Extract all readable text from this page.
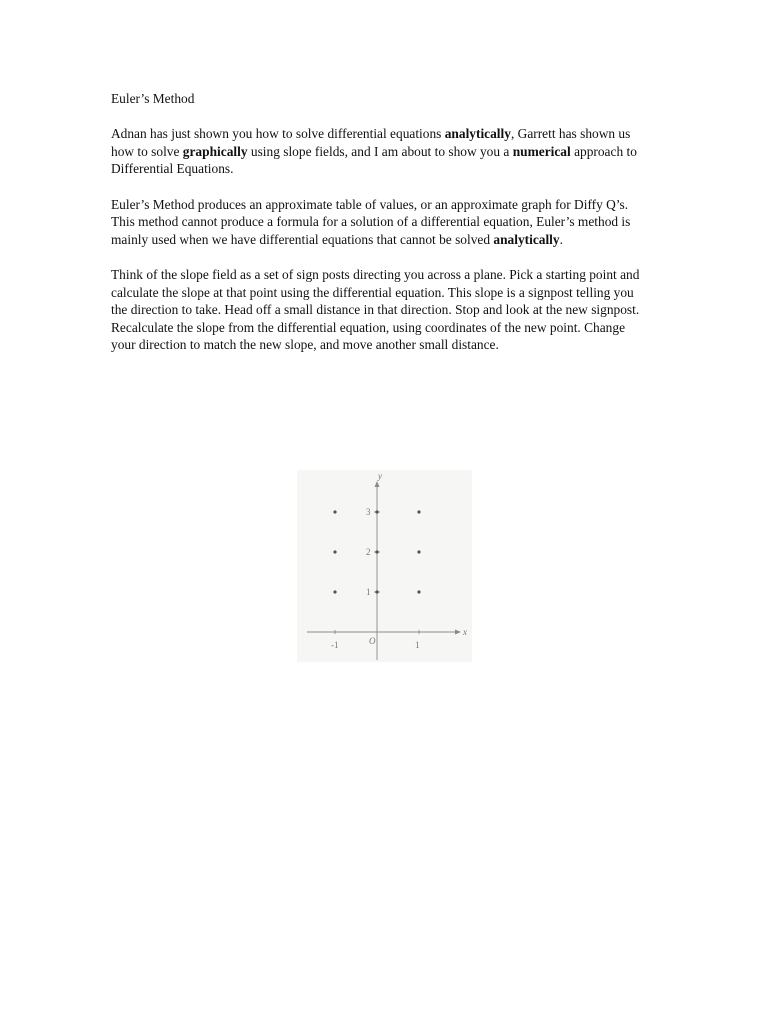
Euler’s Method

Adnan has just shown you how to solve differential equations analytically, Garrett has shown us how to solve graphically using slope fields, and I am about to show you a numerical approach to Differential Equations.

Euler’s Method produces an approximate table of values, or an approximate graph for Diffy Q’s. This method cannot produce a formula for a solution of a differential equation, Euler’s method is mainly used when we have differential equations that cannot be solved analytically.

Think of the slope field as a set of sign posts directing you across a plane. Pick a starting point and calculate the slope at that point using the differential equation. This slope is a signpost telling you the direction to take. Head off a small distance in that direction. Stop and look at the new signpost. Recalculate the slope from the differential equation, using coordinates of the new point. Change your direction to match the new slope, and move another small distance.

x
y
O
-1	1
1
2
3
